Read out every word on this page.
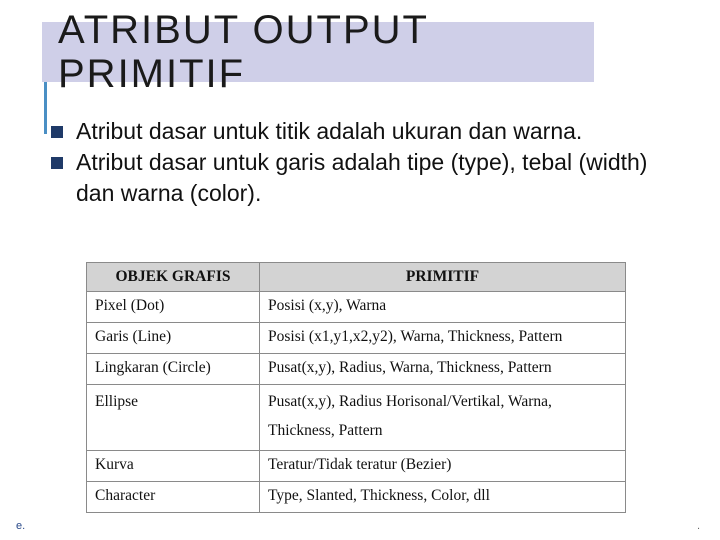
ATRIBUT OUTPUT PRIMITIF
Atribut dasar untuk titik adalah ukuran dan warna.
Atribut dasar untuk garis adalah tipe (type), tebal (width) dan warna (color).
OBJEK GRAFIS	PRIMITIF
Pixel (Dot)	Posisi (x,y), Warna
Garis (Line)	Posisi (x1,y1,x2,y2), Warna, Thickness, Pattern
Lingkaran (Circle)	Pusat(x,y), Radius, Warna, Thickness, Pattern
Ellipse	Pusat(x,y), Radius Horisonal/Vertikal, Warna, Thickness, Pattern
Kurva	Teratur/Tidak teratur (Bezier)
Character	Type, Slanted, Thickness, Color, dll
e.	.
